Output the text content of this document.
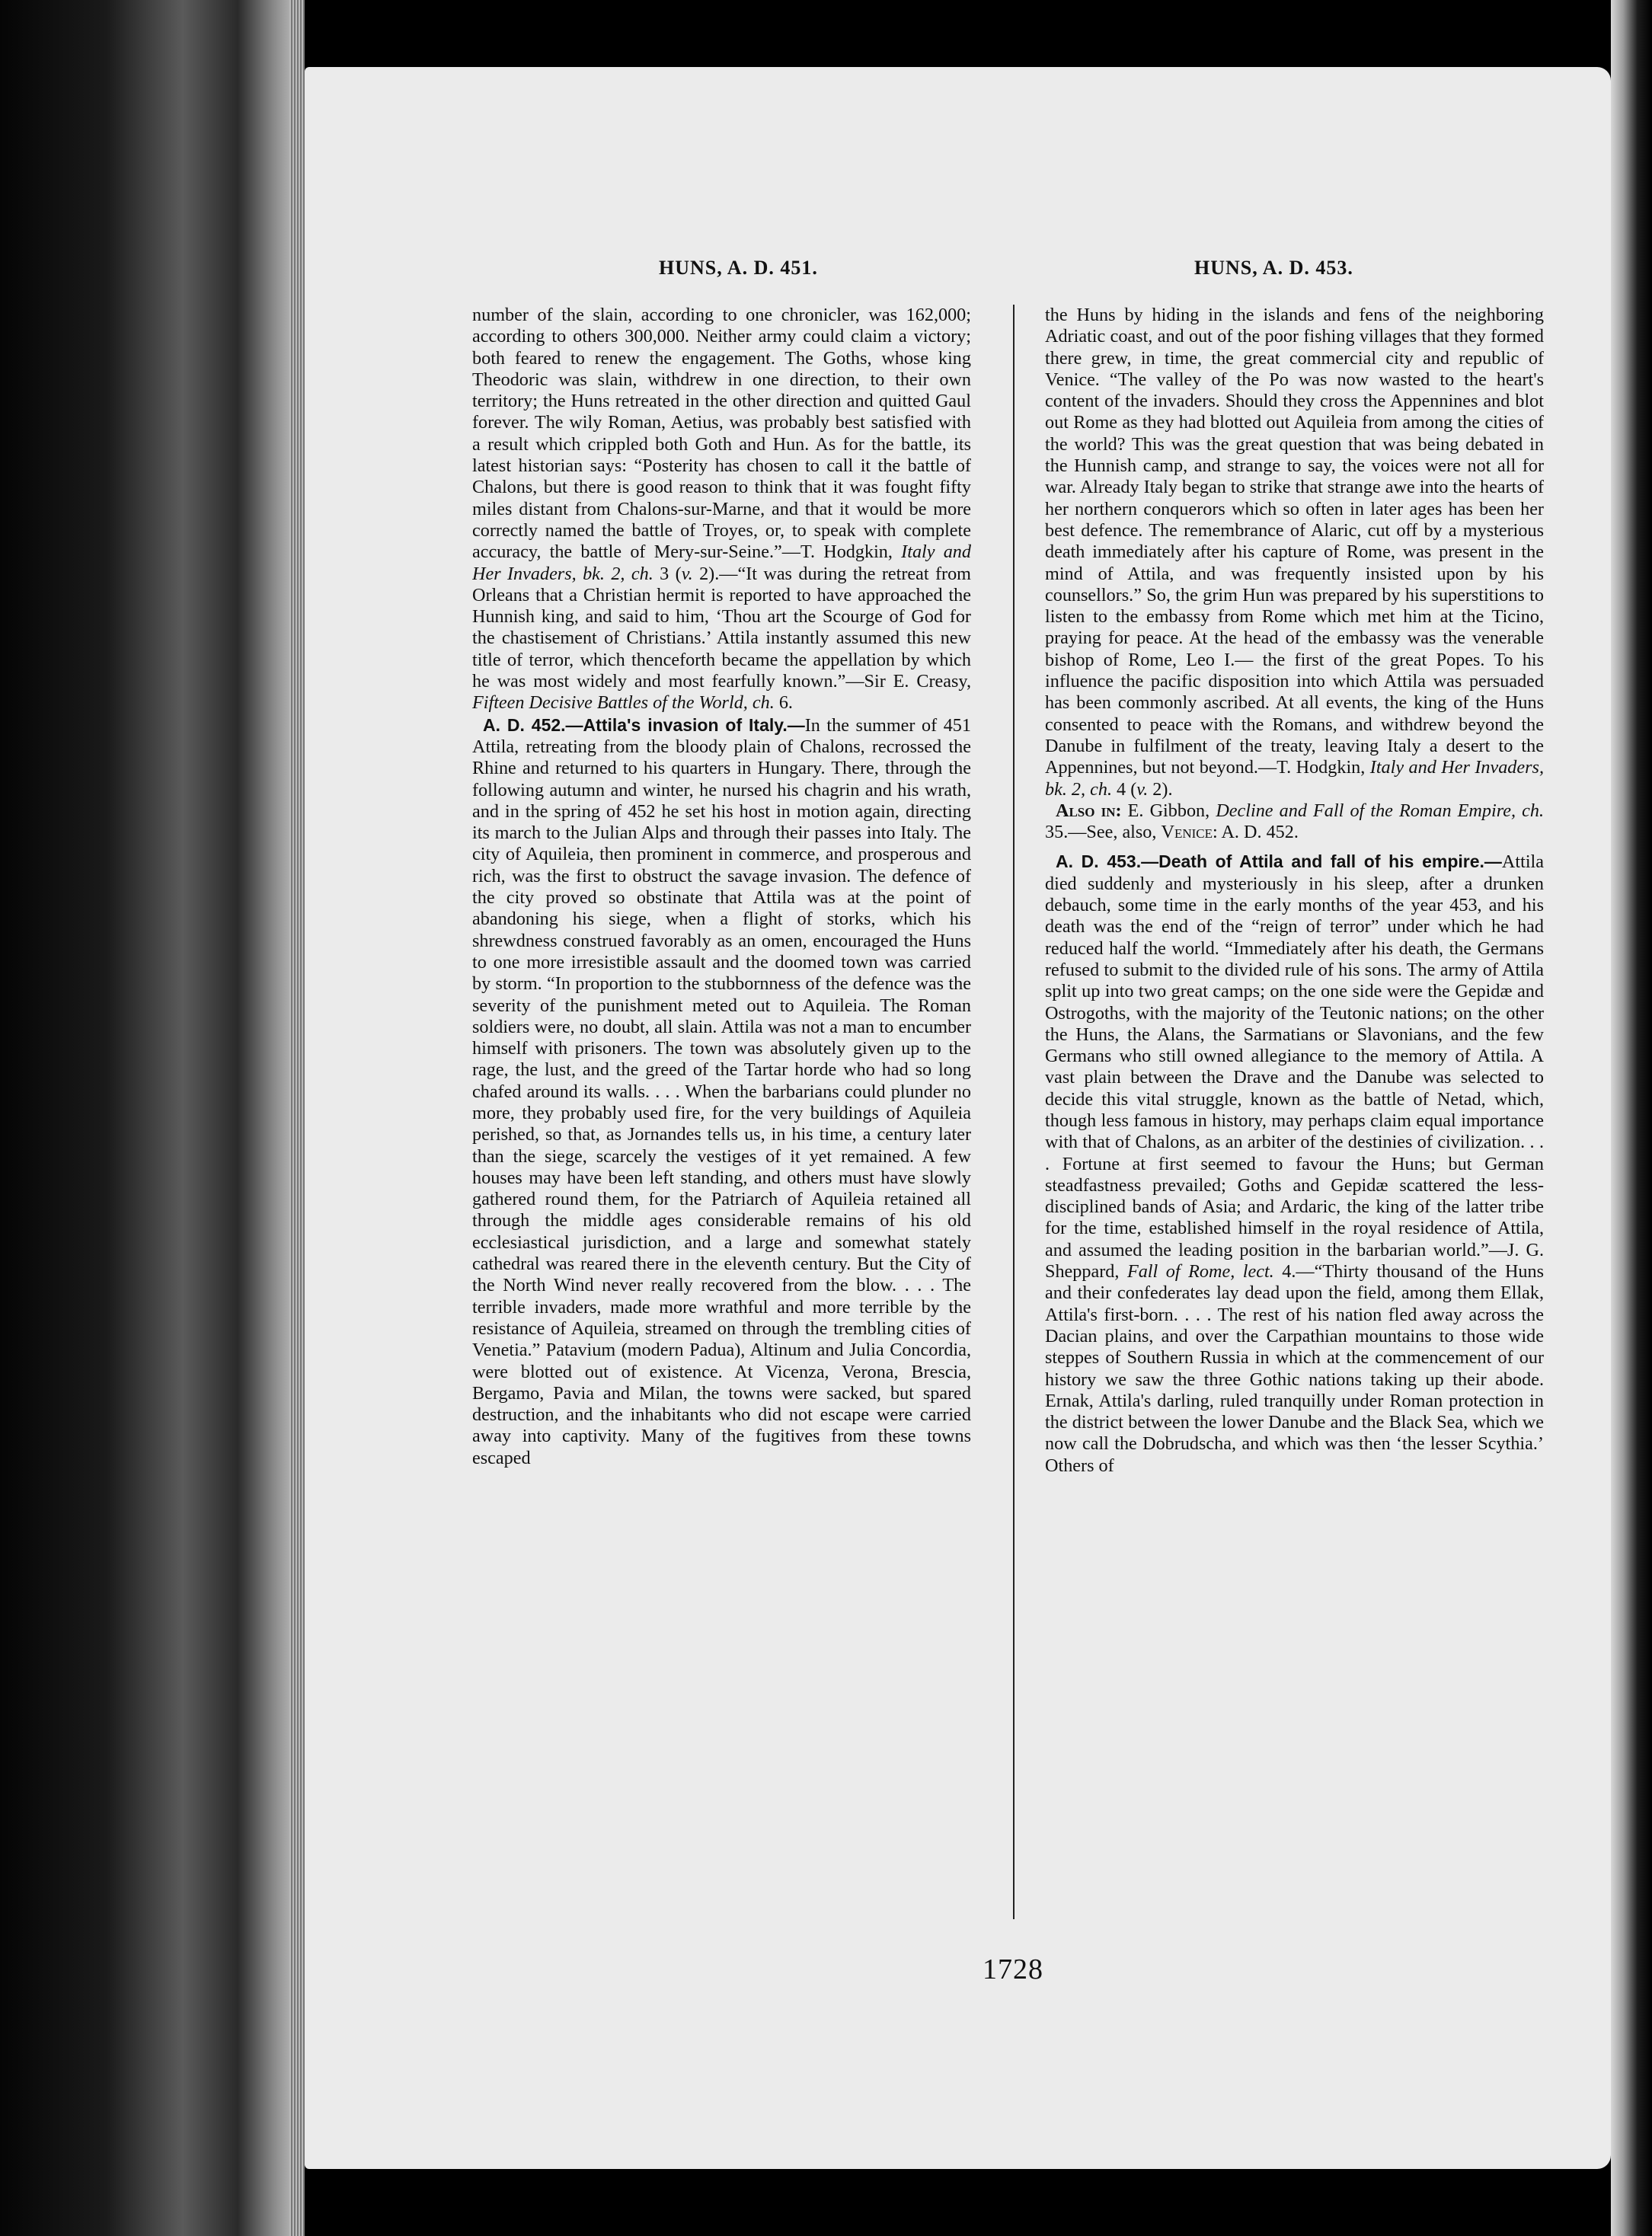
HUNS, A. D. 451.	HUNS, A. D. 453.

number of the slain, according to one chronicler, was 162,000; according to others 300,000. Neither army could claim a victory; both feared to renew the engagement. The Goths, whose king Theodoric was slain, withdrew in one direction, to their own territory; the Huns retreated in the other direction and quitted Gaul forever. The wily Roman, Aetius, was probably best satisfied with a result which crippled both Goth and Hun. As for the battle, its latest historian says: “Posterity has chosen to call it the battle of Chalons, but there is good reason to think that it was fought fifty miles distant from Chalons-sur-Marne, and that it would be more correctly named the battle of Troyes, or, to speak with complete accuracy, the battle of Mery-sur-Seine.”—T. Hodgkin, Italy and Her Invaders, bk. 2, ch. 3 (v. 2).—“It was during the retreat from Orleans that a Christian hermit is reported to have approached the Hunnish king, and said to him, ‘Thou art the Scourge of God for the chastisement of Christians.’ Attila instantly assumed this new title of terror, which thenceforth became the appellation by which he was most widely and most fearfully known.”—Sir E. Creasy, Fifteen Decisive Battles of the World, ch. 6.

A. D. 452.—Attila's invasion of Italy.—In the summer of 451 Attila, retreating from the bloody plain of Chalons, recrossed the Rhine and returned to his quarters in Hungary. There, through the following autumn and winter, he nursed his chagrin and his wrath, and in the spring of 452 he set his host in motion again, directing its march to the Julian Alps and through their passes into Italy. The city of Aquileia, then prominent in commerce, and prosperous and rich, was the first to obstruct the savage invasion. The defence of the city proved so obstinate that Attila was at the point of abandoning his siege, when a flight of storks, which his shrewdness construed favorably as an omen, encouraged the Huns to one more irresistible assault and the doomed town was carried by storm. “In proportion to the stubbornness of the defence was the severity of the punishment meted out to Aquileia. The Roman soldiers were, no doubt, all slain. Attila was not a man to encumber himself with prisoners. The town was absolutely given up to the rage, the lust, and the greed of the Tartar horde who had so long chafed around its walls. . . . When the barbarians could plunder no more, they probably used fire, for the very buildings of Aquileia perished, so that, as Jornandes tells us, in his time, a century later than the siege, scarcely the vestiges of it yet remained. A few houses may have been left standing, and others must have slowly gathered round them, for the Patriarch of Aquileia retained all through the middle ages considerable remains of his old ecclesiastical jurisdiction, and a large and somewhat stately cathedral was reared there in the eleventh century. But the City of the North Wind never really recovered from the blow. . . . The terrible invaders, made more wrathful and more terrible by the resistance of Aquileia, streamed on through the trembling cities of Venetia.” Patavium (modern Padua), Altinum and Julia Concordia, were blotted out of existence. At Vicenza, Verona, Brescia, Bergamo, Pavia and Milan, the towns were sacked, but spared destruction, and the inhabitants who did not escape were carried away into captivity. Many of the fugitives from these towns escaped

the Huns by hiding in the islands and fens of the neighboring Adriatic coast, and out of the poor fishing villages that they formed there grew, in time, the great commercial city and republic of Venice. “The valley of the Po was now wasted to the heart's content of the invaders. Should they cross the Appennines and blot out Rome as they had blotted out Aquileia from among the cities of the world? This was the great question that was being debated in the Hunnish camp, and strange to say, the voices were not all for war. Already Italy began to strike that strange awe into the hearts of her northern conquerors which so often in later ages has been her best defence. The remembrance of Alaric, cut off by a mysterious death immediately after his capture of Rome, was present in the mind of Attila, and was frequently insisted upon by his counsellors.” So, the grim Hun was prepared by his superstitions to listen to the embassy from Rome which met him at the Ticino, praying for peace. At the head of the embassy was the venerable bishop of Rome, Leo I.— the first of the great Popes. To his influence the pacific disposition into which Attila was persuaded has been commonly ascribed. At all events, the king of the Huns consented to peace with the Romans, and withdrew beyond the Danube in fulfilment of the treaty, leaving Italy a desert to the Appennines, but not beyond.—T. Hodgkin, Italy and Her Invaders, bk. 2, ch. 4 (v. 2).

Also in: E. Gibbon, Decline and Fall of the Roman Empire, ch. 35.—See, also, Venice: A. D. 452.

A. D. 453.—Death of Attila and fall of his empire.—Attila died suddenly and mysteriously in his sleep, after a drunken debauch, some time in the early months of the year 453, and his death was the end of the “reign of terror” under which he had reduced half the world. “Immediately after his death, the Germans refused to submit to the divided rule of his sons. The army of Attila split up into two great camps; on the one side were the Gepidæ and Ostrogoths, with the majority of the Teutonic nations; on the other the Huns, the Alans, the Sarmatians or Slavonians, and the few Germans who still owned allegiance to the memory of Attila. A vast plain between the Drave and the Danube was selected to decide this vital struggle, known as the battle of Netad, which, though less famous in history, may perhaps claim equal importance with that of Chalons, as an arbiter of the destinies of civilization. . . . Fortune at first seemed to favour the Huns; but German steadfastness prevailed; Goths and Gepidæ scattered the less-disciplined bands of Asia; and Ardaric, the king of the latter tribe for the time, established himself in the royal residence of Attila, and assumed the leading position in the barbarian world.”—J. G. Sheppard, Fall of Rome, lect. 4.—“Thirty thousand of the Huns and their confederates lay dead upon the field, among them Ellak, Attila's first-born. . . . The rest of his nation fled away across the Dacian plains, and over the Carpathian mountains to those wide steppes of Southern Russia in which at the commencement of our history we saw the three Gothic nations taking up their abode. Ernak, Attila's darling, ruled tranquilly under Roman protection in the district between the lower Danube and the Black Sea, which we now call the Dobrudscha, and which was then ‘the lesser Scythia.’ Others of

1728
